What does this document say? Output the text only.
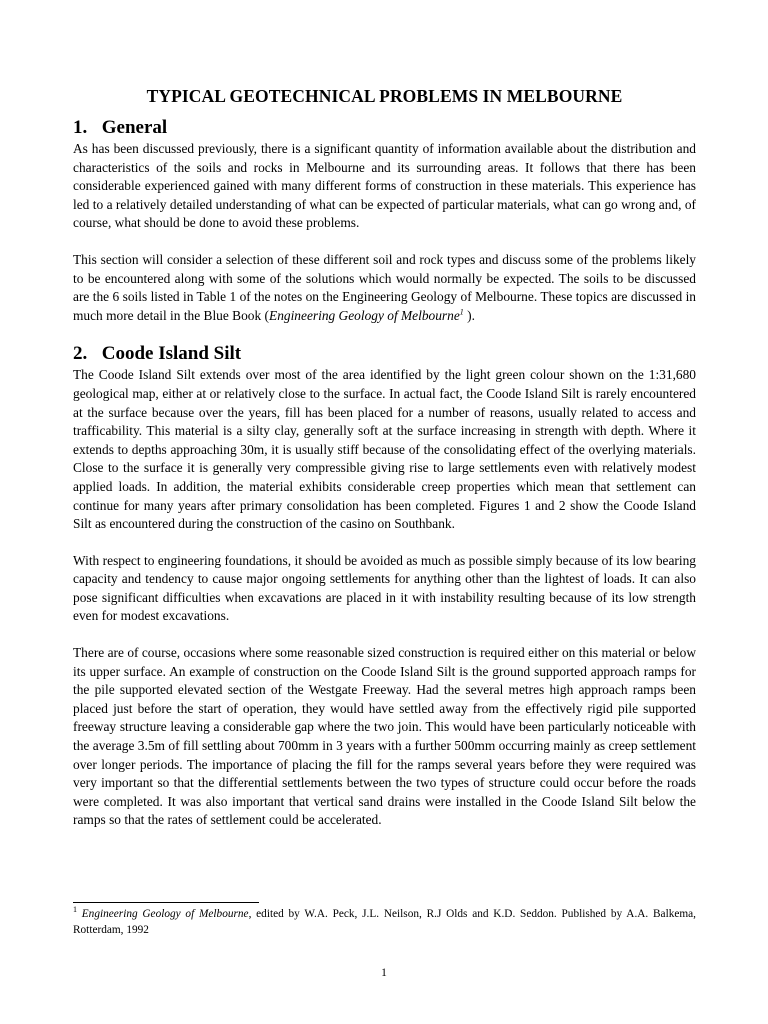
TYPICAL GEOTECHNICAL PROBLEMS IN MELBOURNE
1. General

As has been discussed previously, there is a significant quantity of information available about the distribution and characteristics of the soils and rocks in Melbourne and its surrounding areas. It follows that there has been considerable experienced gained with many different forms of construction in these materials. This experience has led to a relatively detailed understanding of what can be expected of particular materials, what can go wrong and, of course, what should be done to avoid these problems.

This section will consider a selection of these different soil and rock types and discuss some of the problems likely to be encountered along with some of the solutions which would normally be expected. The soils to be discussed are the 6 soils listed in Table 1 of the notes on the Engineering Geology of Melbourne. These topics are discussed in much more detail in the Blue Book (Engineering Geology of Melbourne$^1$ ).

2. Coode Island Silt

The Coode Island Silt extends over most of the area identified by the light green colour shown on the 1:31,680 geological map, either at or relatively close to the surface. In actual fact, the Coode Island Silt is rarely encountered at the surface because over the years, fill has been placed for a number of reasons, usually related to access and trafficability. This material is a silty clay, generally soft at the surface increasing in strength with depth. Where it extends to depths approaching 30m, it is usually stiff because of the consolidating effect of the overlying materials. Close to the surface it is generally very compressible giving rise to large settlements even with relatively modest applied loads. In addition, the material exhibits considerable creep properties which mean that settlement can continue for many years after primary consolidation has been completed. Figures 1 and 2 show the Coode Island Silt as encountered during the construction of the casino on Southbank.

With respect to engineering foundations, it should be avoided as much as possible simply because of its low bearing capacity and tendency to cause major ongoing settlements for anything other than the lightest of loads. It can also pose significant difficulties when excavations are placed in it with instability resulting because of its low strength even for modest excavations.

There are of course, occasions where some reasonable sized construction is required either on this material or below its upper surface. An example of construction on the Coode Island Silt is the ground supported approach ramps for the pile supported elevated section of the Westgate Freeway. Had the several metres high approach ramps been placed just before the start of operation, they would have settled away from the effectively rigid pile supported freeway structure leaving a considerable gap where the two join. This would have been particularly noticeable with the average 3.5m of fill settling about 700mm in 3 years with a further 500mm occurring mainly as creep settlement over longer periods. The importance of placing the fill for the ramps several years before they were required was very important so that the differential settlements between the two types of structure could occur before the roads were completed. It was also important that vertical sand drains were installed in the Coode Island Silt below the ramps so that the rates of settlement could be accelerated.

$^1$ Engineering Geology of Melbourne, edited by W.A. Peck, J.L. Neilson, R.J Olds and K.D. Seddon. Published by A.A. Balkema, Rotterdam, 1992
1
